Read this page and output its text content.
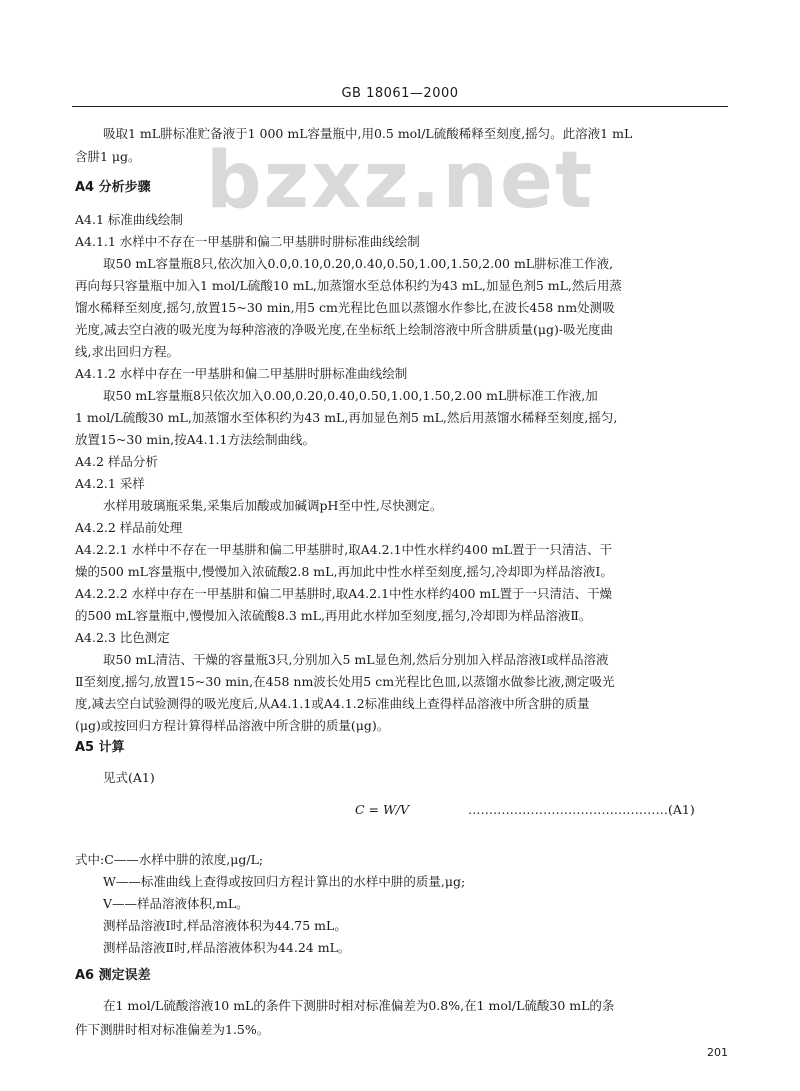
GB 18061—2000
bzxz.net
吸取1 mL肼标准贮备液于1 000 mL容量瓶中,用0.5 mol/L硫酸稀释至刻度,摇匀。此溶液1 mL
含肼1 μg。
A4 分析步骤
A4.1 标准曲线绘制
A4.1.1 水样中不存在一甲基肼和偏二甲基肼时肼标准曲线绘制
取50 mL容量瓶8只,依次加入0.0,0.10,0.20,0.40,0.50,1.00,1.50,2.00 mL肼标准工作液,
再向每只容量瓶中加入1 mol/L硫酸10 mL,加蒸馏水至总体积约为43 mL,加显色剂5 mL,然后用蒸
馏水稀释至刻度,摇匀,放置15~30 min,用5 cm光程比色皿以蒸馏水作参比,在波长458 nm处测吸
光度,减去空白液的吸光度为每种溶液的净吸光度,在坐标纸上绘制溶液中所含肼质量(μg)-吸光度曲
线,求出回归方程。
A4.1.2 水样中存在一甲基肼和偏二甲基肼时肼标准曲线绘制
取50 mL容量瓶8只依次加入0.00,0.20,0.40,0.50,1.00,1.50,2.00 mL肼标准工作液,加
1 mol/L硫酸30 mL,加蒸馏水至体积约为43 mL,再加显色剂5 mL,然后用蒸馏水稀释至刻度,摇匀,
放置15~30 min,按A4.1.1方法绘制曲线。
A4.2 样品分析
A4.2.1 采样
水样用玻璃瓶采集,采集后加酸或加碱调pH至中性,尽快测定。
A4.2.2 样品前处理
A4.2.2.1 水样中不存在一甲基肼和偏二甲基肼时,取A4.2.1中性水样约400 mL置于一只清洁、干
燥的500 mL容量瓶中,慢慢加入浓硫酸2.8 mL,再加此中性水样至刻度,摇匀,冷却即为样品溶液Ⅰ。
A4.2.2.2 水样中存在一甲基肼和偏二甲基肼时,取A4.2.1中性水样约400 mL置于一只清洁、干燥
的500 mL容量瓶中,慢慢加入浓硫酸8.3 mL,再用此水样加至刻度,摇匀,冷却即为样品溶液Ⅱ。
A4.2.3 比色测定
取50 mL清洁、干燥的容量瓶3只,分别加入5 mL显色剂,然后分别加入样品溶液Ⅰ或样品溶液
Ⅱ至刻度,摇匀,放置15~30 min,在458 nm波长处用5 cm光程比色皿,以蒸馏水做参比液,测定吸光
度,减去空白试验测得的吸光度后,从A4.1.1或A4.1.2标准曲线上查得样品溶液中所含肼的质量
(μg)或按回归方程计算得样品溶液中所含肼的质量(μg)。
A5 计算
见式(A1)
C = W/V	…………………………………………(A1)
式中:C——水样中肼的浓度,μg/L;
W——标准曲线上查得或按回归方程计算出的水样中肼的质量,μg;
V——样品溶液体积,mL。
测样品溶液Ⅰ时,样品溶液体积为44.75 mL。
测样品溶液Ⅱ时,样品溶液体积为44.24 mL。
A6 测定误差
在1 mol/L硫酸溶液10 mL的条件下测肼时相对标准偏差为0.8%,在1 mol/L硫酸30 mL的条
件下测肼时相对标准偏差为1.5%。
201
